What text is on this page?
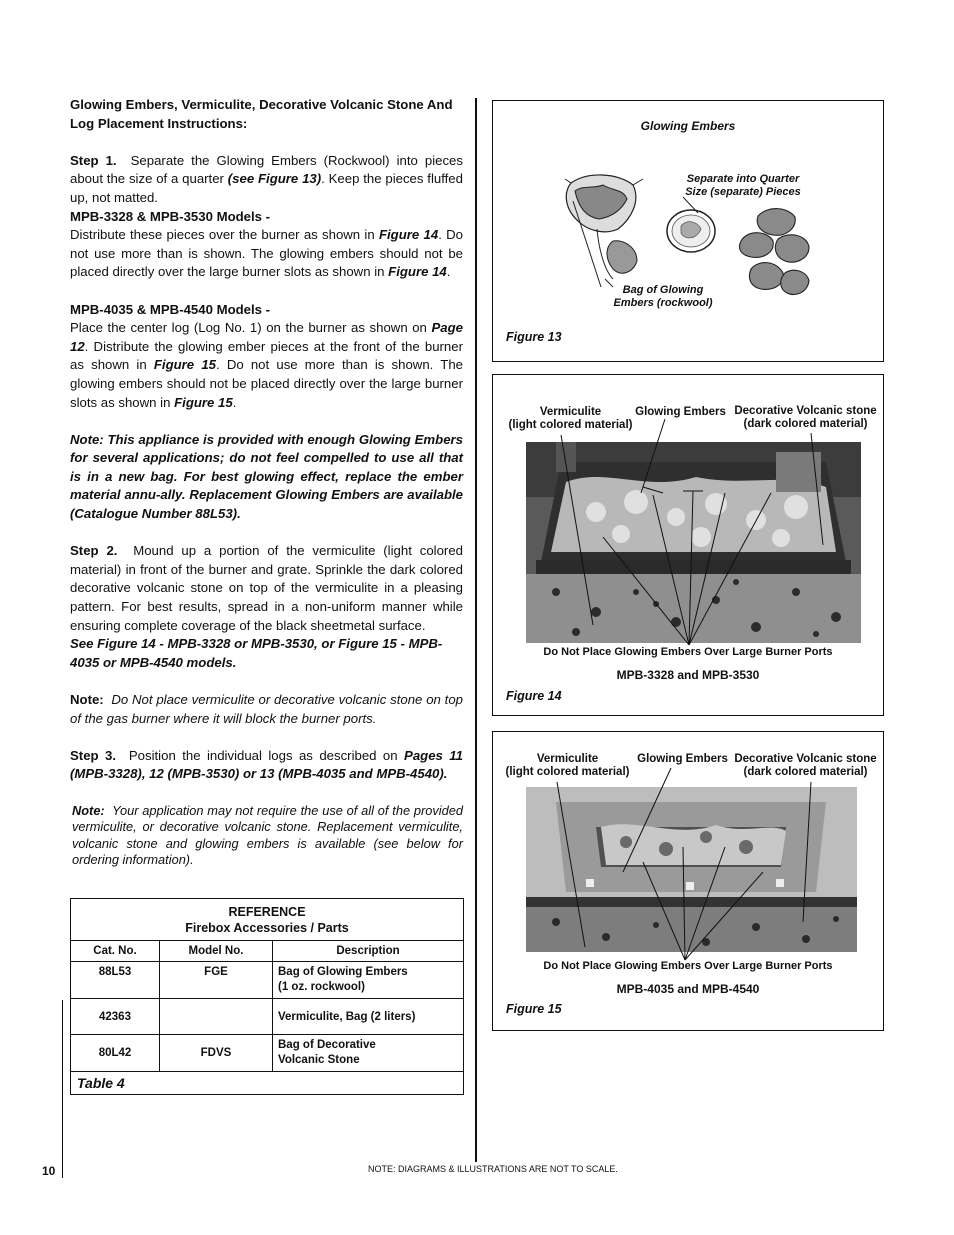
Glowing Embers, Vermiculite, Decorative Volcanic Stone And Log Placement Instructions:

Step 1. Separate the Glowing Embers (Rockwool) into pieces about the size of a quarter (see Figure 13). Keep the pieces fluffed up, not matted.

MPB-3328 & MPB-3530 Models -

Distribute these pieces over the burner as shown in Figure 14. Do not use more than is shown. The glowing embers should not be placed directly over the large burner slots as shown in Figure 14.

MPB-4035 & MPB-4540 Models -

Place the center log (Log No. 1) on the burner as shown on Page 12. Distribute the glowing ember pieces at the front of the burner as shown in Figure 15. Do not use more than is shown. The glowing embers should not be placed directly over the large burner slots as shown in Figure 15.

Note: This appliance is provided with enough Glowing Embers for several applications; do not feel compelled to use all that is in a new bag. For best glowing effect, replace the ember material annu-ally. Replacement Glowing Embers are available (Catalogue Number 88L53).

Step 2. Mound up a portion of the vermiculite (light colored material) in front of the burner and grate. Sprinkle the dark colored decorative volcanic stone on top of the vermiculite in a pleasing pattern. For best results, spread in a non-uniform manner while ensuring complete coverage of the black sheetmetal surface.

See Figure 14 - MPB-3328 or MPB-3530, or Figure 15 - MPB-4035 or MPB-4540 models.

Note: Do Not place vermiculite or decorative volcanic stone on top of the gas burner where it will block the burner ports.

Step 3. Position the individual logs as described on Pages 11 (MPB-3328), 12 (MPB-3530) or 13 (MPB-4035 and MPB-4540).

Note: Your application may not require the use of all of the provided vermiculite, or decorative volcanic stone. Replacement vermiculite, volcanic stone and glowing embers is available (see below for ordering information).

REFERENCE
Firebox Accessories / Parts
Cat. No.	Model No.	Description
88L53	FGE	Bag of Glowing Embers
(1 oz. rockwool)

42363		Vermiculite, Bag (2 liters)
80L42	FDVS	Bag of Decorative
Volcanic Stone
Table 4
Glowing Embers
Separate into Quarter
Size (separate) Pieces
Bag of Glowing
Embers (rockwool)
Figure 13
Vermiculite
(light colored material)
Glowing Embers Decorative Volcanic stone
(dark colored material)
Do Not Place Glowing Embers Over Large Burner Ports
MPB-3328 and MPB-3530
Figure 14
Vermiculite
(light colored material)
Glowing Embers Decorative Volcanic stone
(dark colored material)
Do Not Place Glowing Embers Over Large Burner Ports
MPB-4035 and MPB-4540
Figure 15
10	NOTE: DIAGRAMS & ILLUSTRATIONS ARE NOT TO SCALE.
